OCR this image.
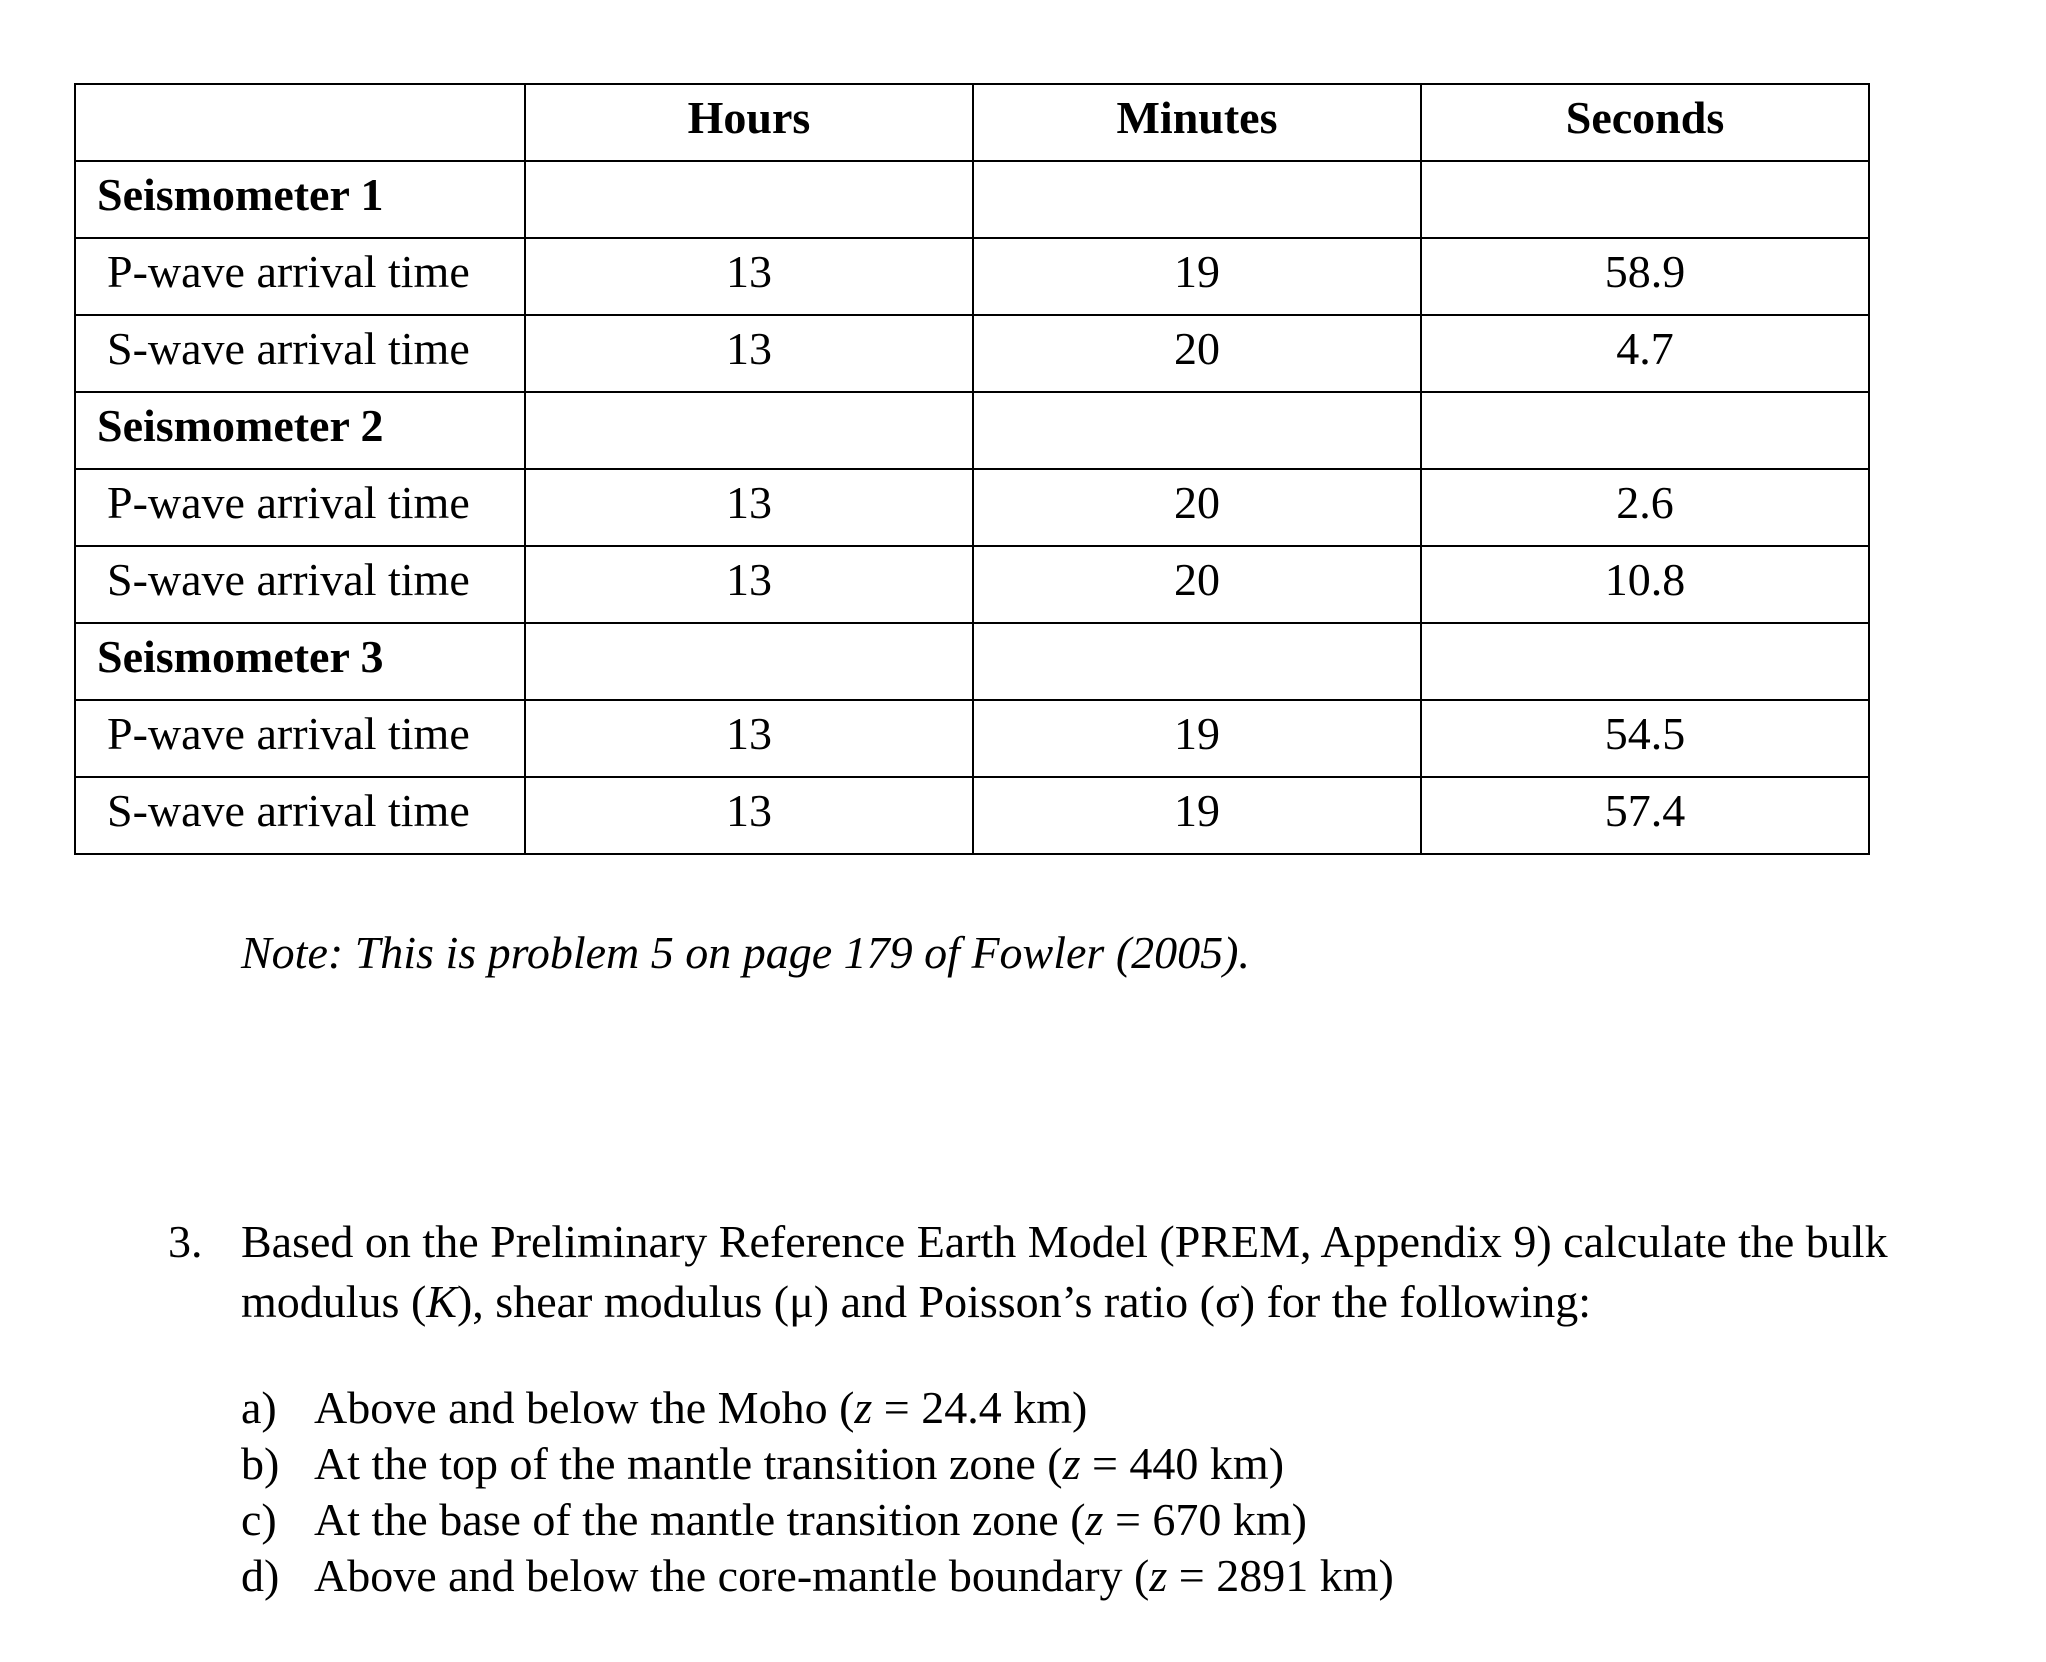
	Hours	Minutes	Seconds
Seismometer 1			
P-wave arrival time	13	19	58.9
S-wave arrival time	13	20	4.7
Seismometer 2			
P-wave arrival time	13	20	2.6
S-wave arrival time	13	20	10.8
Seismometer 3			
P-wave arrival time	13	19	54.5
S-wave arrival time	13	19	57.4
Note: This is problem 5 on page 179 of Fowler (2005).
3. Based on the Preliminary Reference Earth Model (PREM, Appendix 9) calculate the bulk modulus (K), shear modulus (μ) and Poisson’s ratio (σ) for the following:
a) Above and below the Moho (z = 24.4 km)
b) At the top of the mantle transition zone (z = 440 km)
c) At the base of the mantle transition zone (z = 670 km)
d) Above and below the core-mantle boundary (z = 2891 km)
